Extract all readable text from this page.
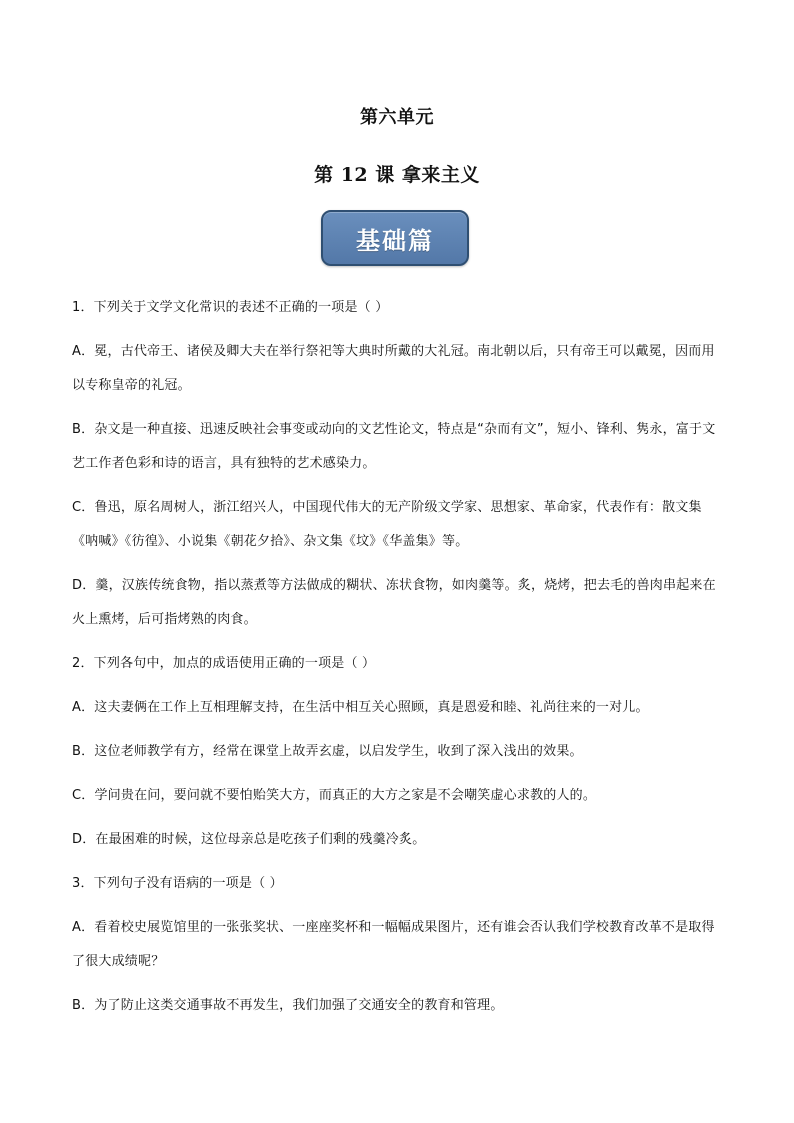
第六单元
第 12 课 拿来主义
基础篇

1．下列关于文学文化常识的表述不正确的一项是（ ）

A．冕，古代帝王、诸侯及卿大夫在举行祭祀等大典时所戴的大礼冠。南北朝以后，只有帝王可以戴冕，因而用以专称皇帝的礼冠。

B．杂文是一种直接、迅速反映社会事变或动向的文艺性论文，特点是“杂而有文”，短小、锋利、隽永，富于文艺工作者色彩和诗的语言，具有独特的艺术感染力。

C．鲁迅，原名周树人，浙江绍兴人，中国现代伟大的无产阶级文学家、思想家、革命家，代表作有：散文集《呐喊》《彷徨》、小说集《朝花夕拾》、杂文集《坟》《华盖集》等。

D．羹，汉族传统食物，指以蒸煮等方法做成的糊状、冻状食物，如肉羹等。炙，烧烤，把去毛的兽肉串起来在火上熏烤，后可指烤熟的肉食。

2．下列各句中，加点的成语使用正确的一项是（ ）

A．这夫妻俩在工作上互相理解支持，在生活中相互关心照顾，真是恩爱和睦、礼尚往来的一对儿。

B．这位老师教学有方，经常在课堂上故弄玄虚，以启发学生，收到了深入浅出的效果。

C．学问贵在问，要问就不要怕贻笑大方，而真正的大方之家是不会嘲笑虚心求教的人的。

D．在最困难的时候，这位母亲总是吃孩子们剩的残羹冷炙。

3．下列句子没有语病的一项是（ ）

A．看着校史展览馆里的一张张奖状、一座座奖杯和一幅幅成果图片，还有谁会否认我们学校教育改革不是取得了很大成绩呢？

B．为了防止这类交通事故不再发生，我们加强了交通安全的教育和管理。
